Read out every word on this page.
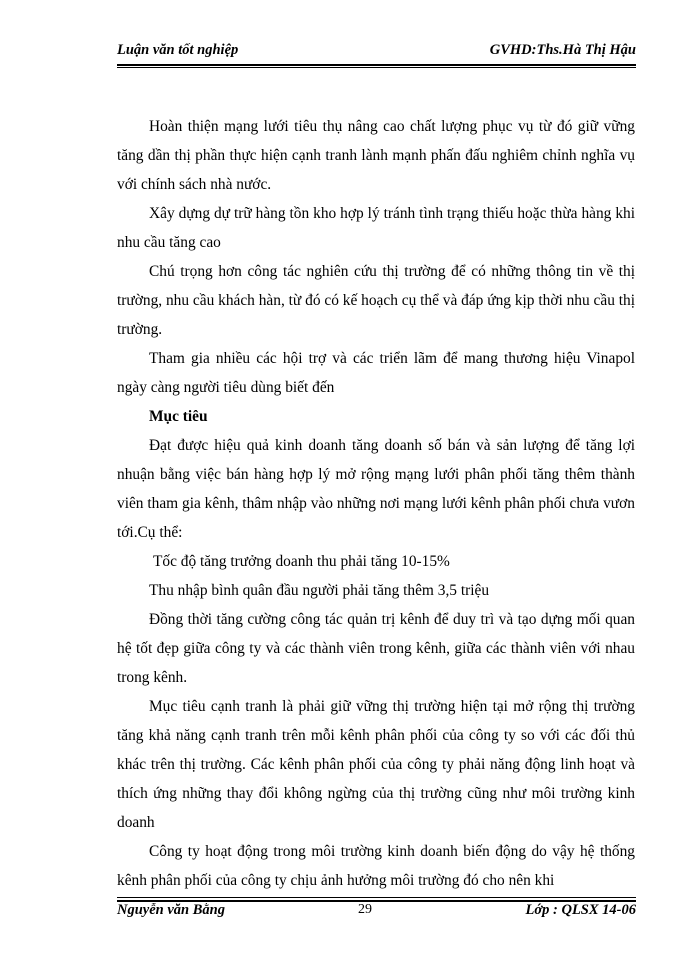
Luận văn tốt nghiệp	GVHD:Ths.Hà Thị Hậu

Hoàn thiện mạng lưới tiêu thụ nâng cao chất lượng phục vụ từ đó giữ vững tăng dần thị phần thực hiện cạnh tranh lành mạnh phấn đấu nghiêm chỉnh nghĩa vụ với chính sách nhà nước.

Xây dựng dự trữ hàng tồn kho hợp lý tránh tình trạng thiếu hoặc thừa hàng khi nhu cầu tăng cao

Chú trọng hơn công tác nghiên cứu thị trường để có những thông tin về thị trường, nhu cầu khách hàn, từ đó có kế hoạch cụ thể và đáp ứng kịp thời nhu cầu thị trường.

Tham gia nhiều các hội trợ và các triển lãm để mang thương hiệu Vinapol ngày càng người tiêu dùng biết đến

Mục tiêu

Đạt được hiệu quả kinh doanh tăng doanh số bán và sản lượng để tăng lợi nhuận bằng việc bán hàng hợp lý mở rộng mạng lưới phân phối tăng thêm thành viên tham gia kênh, thâm nhập vào những nơi mạng lưới kênh phân phối chưa vươn tới.Cụ thể:

Tốc độ tăng trưởng doanh thu phải tăng 10-15%

Thu nhập bình quân đầu người phải tăng thêm 3,5 triệu

Đồng thời tăng cường công tác quản trị kênh để duy trì và tạo dựng mối quan hệ tốt đẹp giữa công ty và các thành viên trong kênh, giữa các thành viên với nhau trong kênh.

Mục tiêu cạnh tranh là phải giữ vững thị trường hiện tại mở rộng thị trường tăng khả năng cạnh tranh trên mỗi kênh phân phối của công ty so với các đối thủ khác trên thị trường. Các kênh phân phối của công ty phải năng động linh hoạt và thích ứng những thay đổi không ngừng của thị trường cũng như môi trường kinh doanh

Công ty hoạt động trong môi trường kinh doanh biến động do vậy hệ thống kênh phân phối của công ty chịu ảnh hưởng môi trường đó cho nên khi

Nguyễn văn Bằng	29	Lớp : QLSX 14-06
